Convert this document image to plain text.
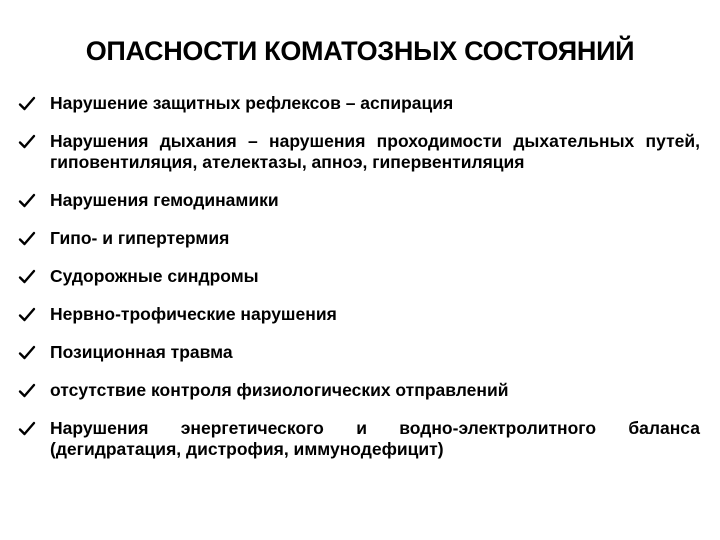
ОПАСНОСТИ КОМАТОЗНЫХ СОСТОЯНИЙ
Нарушение защитных рефлексов – аспирация
Нарушения дыхания – нарушения проходимости дыхательных путей, гиповентиляция, ателектазы, апноэ, гипервентиляция
Нарушения гемодинамики
Гипо- и гипертермия
Судорожные синдромы
Нервно-трофические нарушения
Позиционная травма
отсутствие контроля физиологических отправлений
Нарушения энергетического и водно-электролитного баланса (дегидратация, дистрофия, иммунодефицит)
